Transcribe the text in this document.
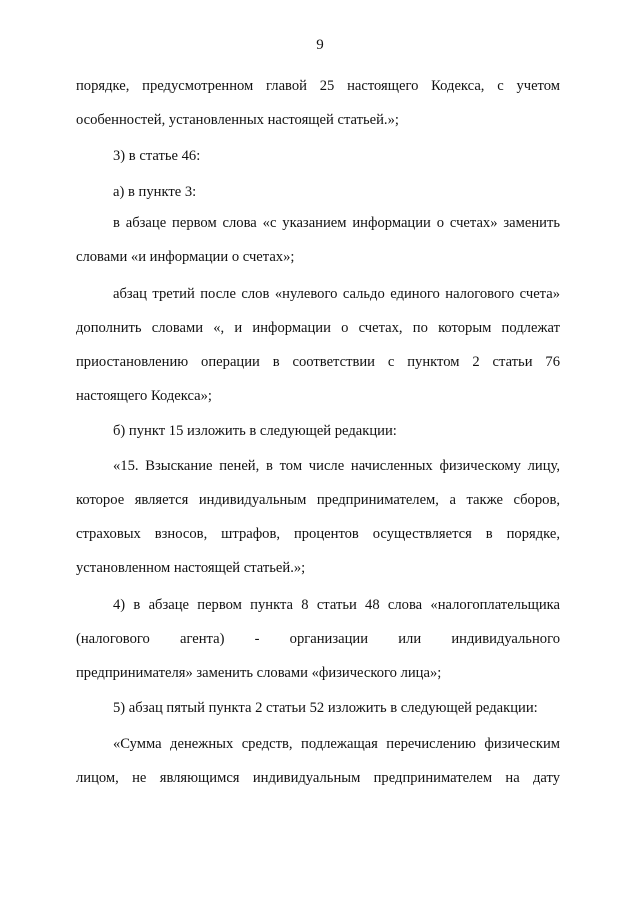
9
порядке, предусмотренном главой 25 настоящего Кодекса, с учетом
особенностей, установленных настоящей статьей.»;
3) в статье 46:
а) в пункте 3:
в абзаце первом слова «с указанием информации о счетах» заменить
словами «и информации о счетах»;
абзац третий после слов «нулевого сальдо единого налогового счета»
дополнить словами «, и информации о счетах, по которым подлежат
приостановлению операции в соответствии с пунктом 2 статьи 76
настоящего Кодекса»;
б) пункт 15 изложить в следующей редакции:
«15. Взыскание пеней, в том числе начисленных физическому лицу,
которое является индивидуальным предпринимателем, а также сборов,
страховых взносов, штрафов, процентов осуществляется в порядке,
установленном настоящей статьей.»;
4) в абзаце первом пункта 8 статьи 48 слова «налогоплательщика
(налогового агента) - организации или индивидуального
предпринимателя» заменить словами «физического лица»;
5) абзац пятый пункта 2 статьи 52 изложить в следующей редакции:
«Сумма денежных средств, подлежащая перечислению физическим
лицом, не являющимся индивидуальным предпринимателем на дату
